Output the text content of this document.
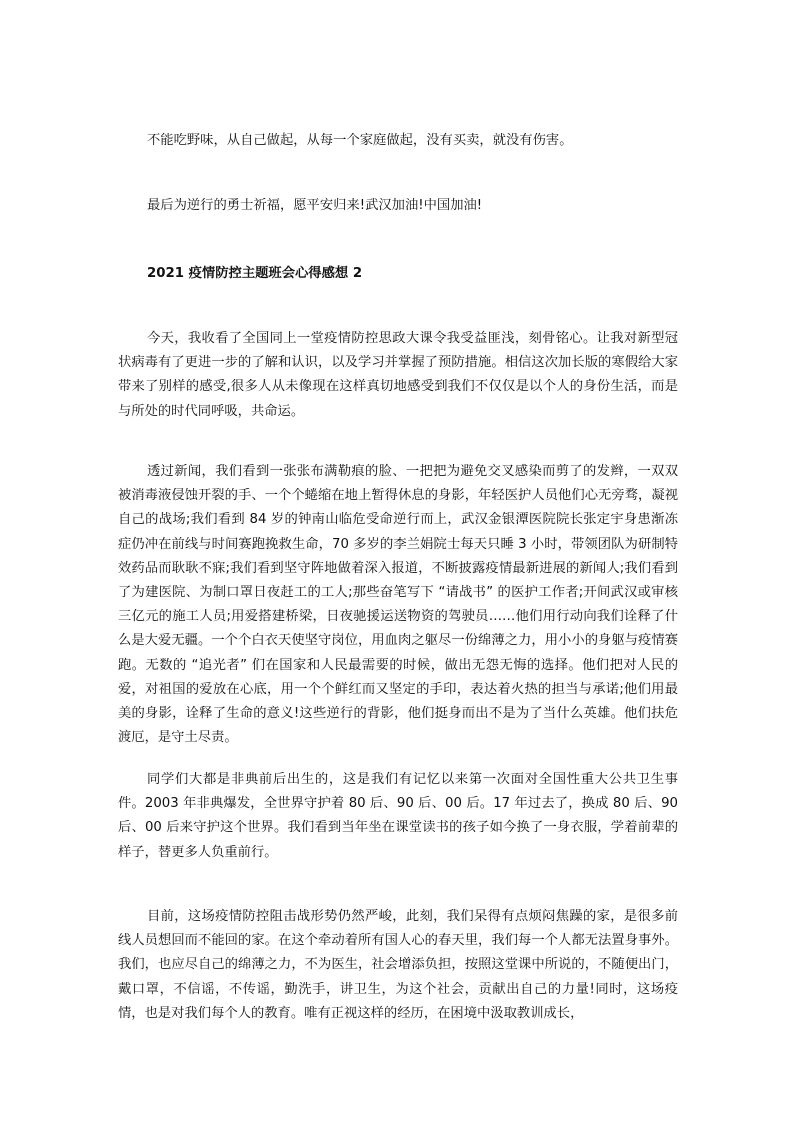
不能吃野味，从自己做起，从每一个家庭做起，没有买卖，就没有伤害。

最后为逆行的勇士祈福，愿平安归来!武汉加油!中国加油!

2021 疫情防控主题班会心得感想 2

今天，我收看了全国同上一堂疫情防控思政大课令我受益匪浅，刻骨铭心。让我对新型冠状病毒有了更进一步的了解和认识，以及学习并掌握了预防措施。相信这次加长版的寒假给大家带来了别样的感受,很多人从未像现在这样真切地感受到我们不仅仅是以个人的身份生活，而是与所处的时代同呼吸，共命运。

透过新闻，我们看到一张张布满勒痕的脸、一把把为避免交叉感染而剪了的发辫，一双双被消毒液侵蚀开裂的手、一个个蜷缩在地上暂得休息的身影，年轻医护人员他们心无旁骛，凝视自己的战场;我们看到 84 岁的钟南山临危受命逆行而上，武汉金银潭医院院长张定宇身患渐冻症仍冲在前线与时间赛跑挽救生命，70 多岁的李兰娟院士每天只睡 3 小时，带领团队为研制特效药品而耿耿不寐;我们看到坚守阵地做着深入报道，不断披露疫情最新进展的新闻人;我们看到了为建医院、为制口罩日夜赶工的工人;那些奋笔写下 “请战书” 的医护工作者;开间武汉或审核三亿元的施工人员;用爱搭建桥梁，日夜驰援运送物资的驾驶员……他们用行动向我们诠释了什么是大爱无疆。一个个白衣天使坚守岗位，用血肉之躯尽一份绵薄之力，用小小的身躯与疫情赛跑。无数的 “追光者” 们在国家和人民最需要的时候，做出无怨无悔的选择。他们把对人民的爱，对祖国的爱放在心底，用一个个鲜红而又坚定的手印，表达着火热的担当与承诺;他们用最美的身影，诠释了生命的意义!这些逆行的背影，他们挺身而出不是为了当什么英雄。他们扶危渡厄，是守土尽责。

同学们大都是非典前后出生的，这是我们有记忆以来第一次面对全国性重大公共卫生事件。2003 年非典爆发，全世界守护着 80 后、90 后、00 后。17 年过去了，换成 80 后、90 后、00 后来守护这个世界。我们看到当年坐在课堂读书的孩子如今换了一身衣服，学着前辈的样子，替更多人负重前行。

目前，这场疫情防控阻击战形势仍然严峻，此刻，我们呆得有点烦闷焦躁的家，是很多前线人员想回而不能回的家。在这个牵动着所有国人心的春天里，我们每一个人都无法置身事外。我们，也应尽自己的绵薄之力，不为医生，社会增添负担，按照这堂课中所说的，不随便出门，戴口罩，不信谣，不传谣，勤洗手，讲卫生，为这个社会，贡献出自己的力量!同时，这场疫情，也是对我们每个人的教育。唯有正视这样的经历，在困境中汲取教训成长，
